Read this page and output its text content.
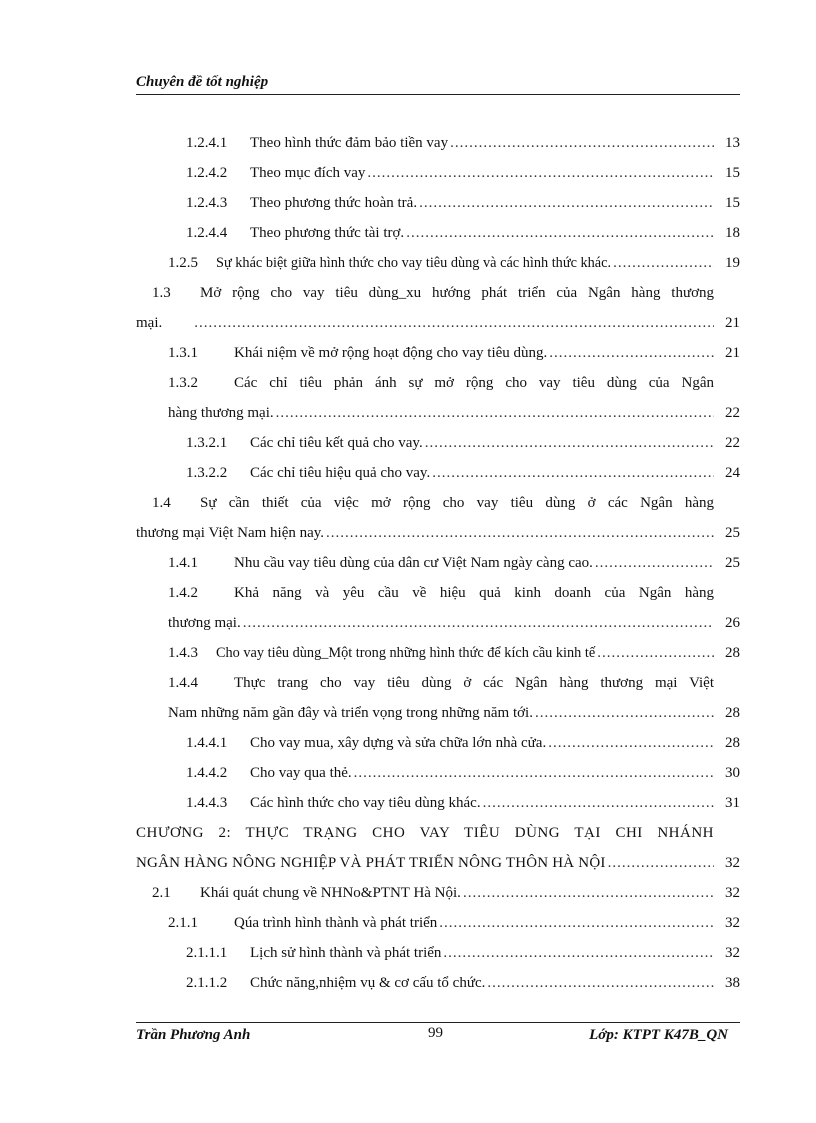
Chuyên đề tốt nghiệp
1.2.4.1	Theo hình thức đảm bảo tiền vay .....	13
1.2.4.2	Theo mục đích vay .....	15
1.2.4.3	Theo phương thức hoàn trả. .....	15
1.2.4.4	Theo phương thức tài trợ. .....	18
1.2.5	Sự khác biệt giữa hình thức cho vay tiêu dùng và các hình thức khác. .....	19
1.3	Mở rộng cho vay tiêu dùng_xu hướng phát triển của Ngân hàng thương
mại. .....	21
1.3.1	Khái niệm về mở rộng hoạt động cho vay tiêu dùng. .....	21
1.3.2	Các chỉ tiêu phản ánh sự mở rộng cho vay tiêu dùng của Ngân
hàng thương mại. .....	22
1.3.2.1	Các chỉ tiêu kết quả cho vay. .....	22
1.3.2.2	Các chỉ tiêu hiệu quả cho vay. .....	24
1.4	Sự cần thiết của việc mở rộng cho vay tiêu dùng ở các Ngân hàng
thương mại Việt Nam hiện nay. .....	25
1.4.1	Nhu cầu vay tiêu dùng của dân cư Việt Nam ngày càng cao. .....	25
1.4.2	Khả năng và yêu cầu về hiệu quả kinh doanh của Ngân hàng
thương mại. .....	26
1.4.3	Cho vay tiêu dùng_Một trong những hình thức để kích cầu kinh tế .....	28
1.4.4	Thực trang cho vay tiêu dùng ở các Ngân hàng thương mại Việt
Nam những năm gần đây và triển vọng trong những năm tới. .....	28
1.4.4.1	Cho vay mua, xây dựng và sửa chữa lớn nhà cửa. .....	28
1.4.4.2	Cho vay qua thẻ. .....	30
1.4.4.3	Các hình thức cho vay tiêu dùng khác. .....	31
CHƯƠNG 2: THỰC TRẠNG CHO VAY TIÊU DÙNG TẠI CHI NHÁNH
NGÂN HÀNG NÔNG NGHIỆP VÀ PHÁT TRIỂN NÔNG THÔN HÀ NỘI .....	32
2.1	Khái quát chung về NHNo&PTNT Hà Nội. .....	32
2.1.1	Qúa trình hình thành và phát triển .....	32
2.1.1.1	Lịch sử hình thành và phát triển .....	32
2.1.1.2	Chức năng,nhiệm vụ & cơ cấu tổ chức. .....	38
Trần Phương Anh	99	Lớp: KTPT K47B_QN
